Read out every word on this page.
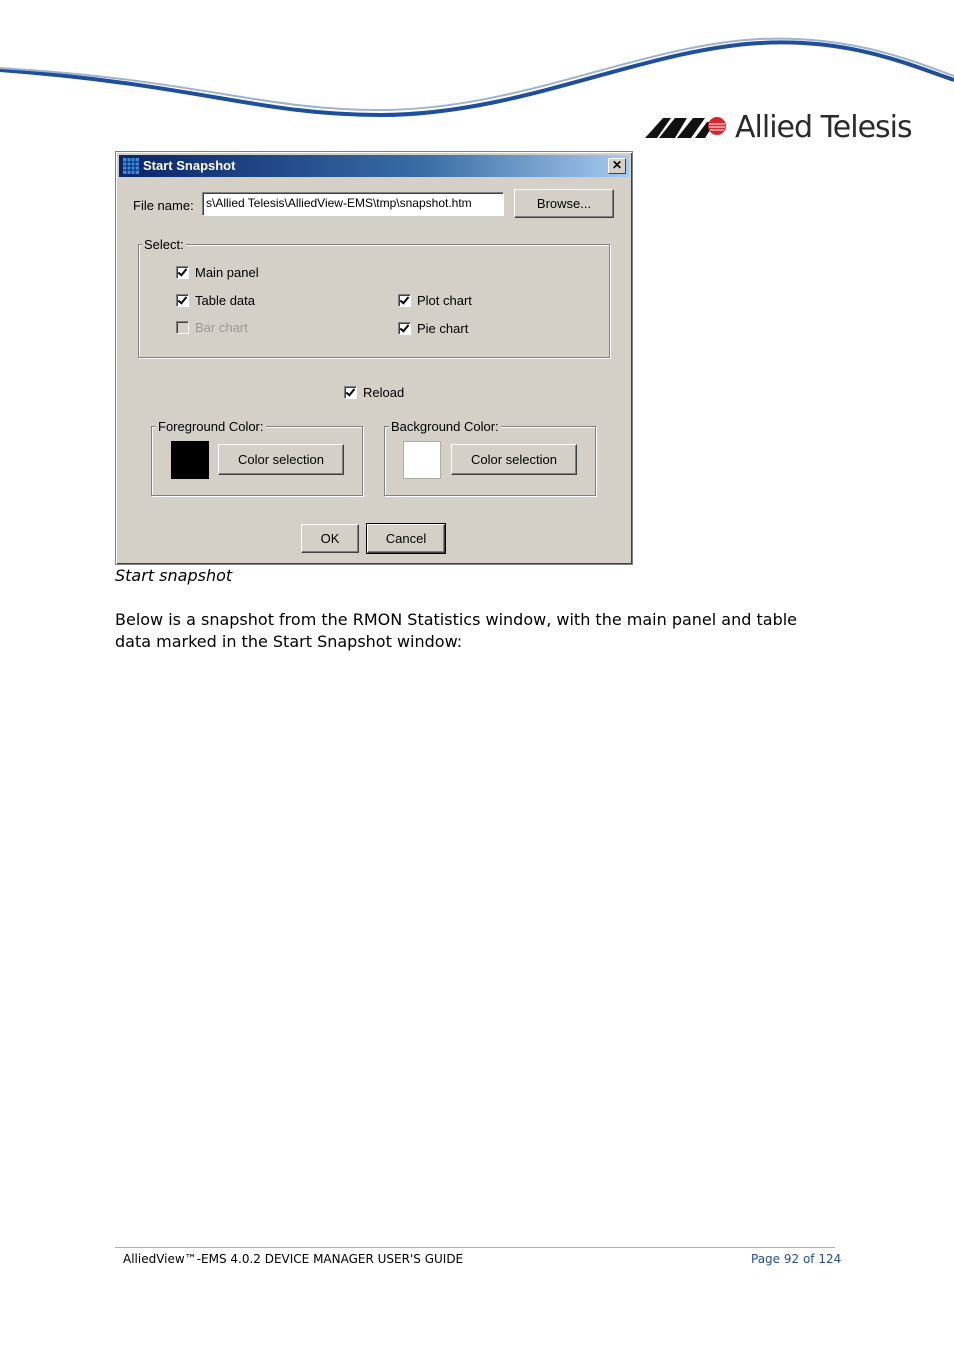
Allied Telesis
Start Snapshot	✕
File name:	s\Allied Telesis\AlliedView-EMS\tmp\snapshot.htm	Browse...
Select:
Main panel
Table data
Bar chart
Plot chart
Pie chart
Reload
Foreground Color:
Color selection
Background Color:
Color selection
OK	Cancel
Start snapshot
Below is a snapshot from the RMON Statistics window, with the main panel and table data marked in the Start Snapshot window:
AlliedView™-EMS 4.0.2 DEVICE MANAGER USER'S GUIDE	Page 92 of 124
